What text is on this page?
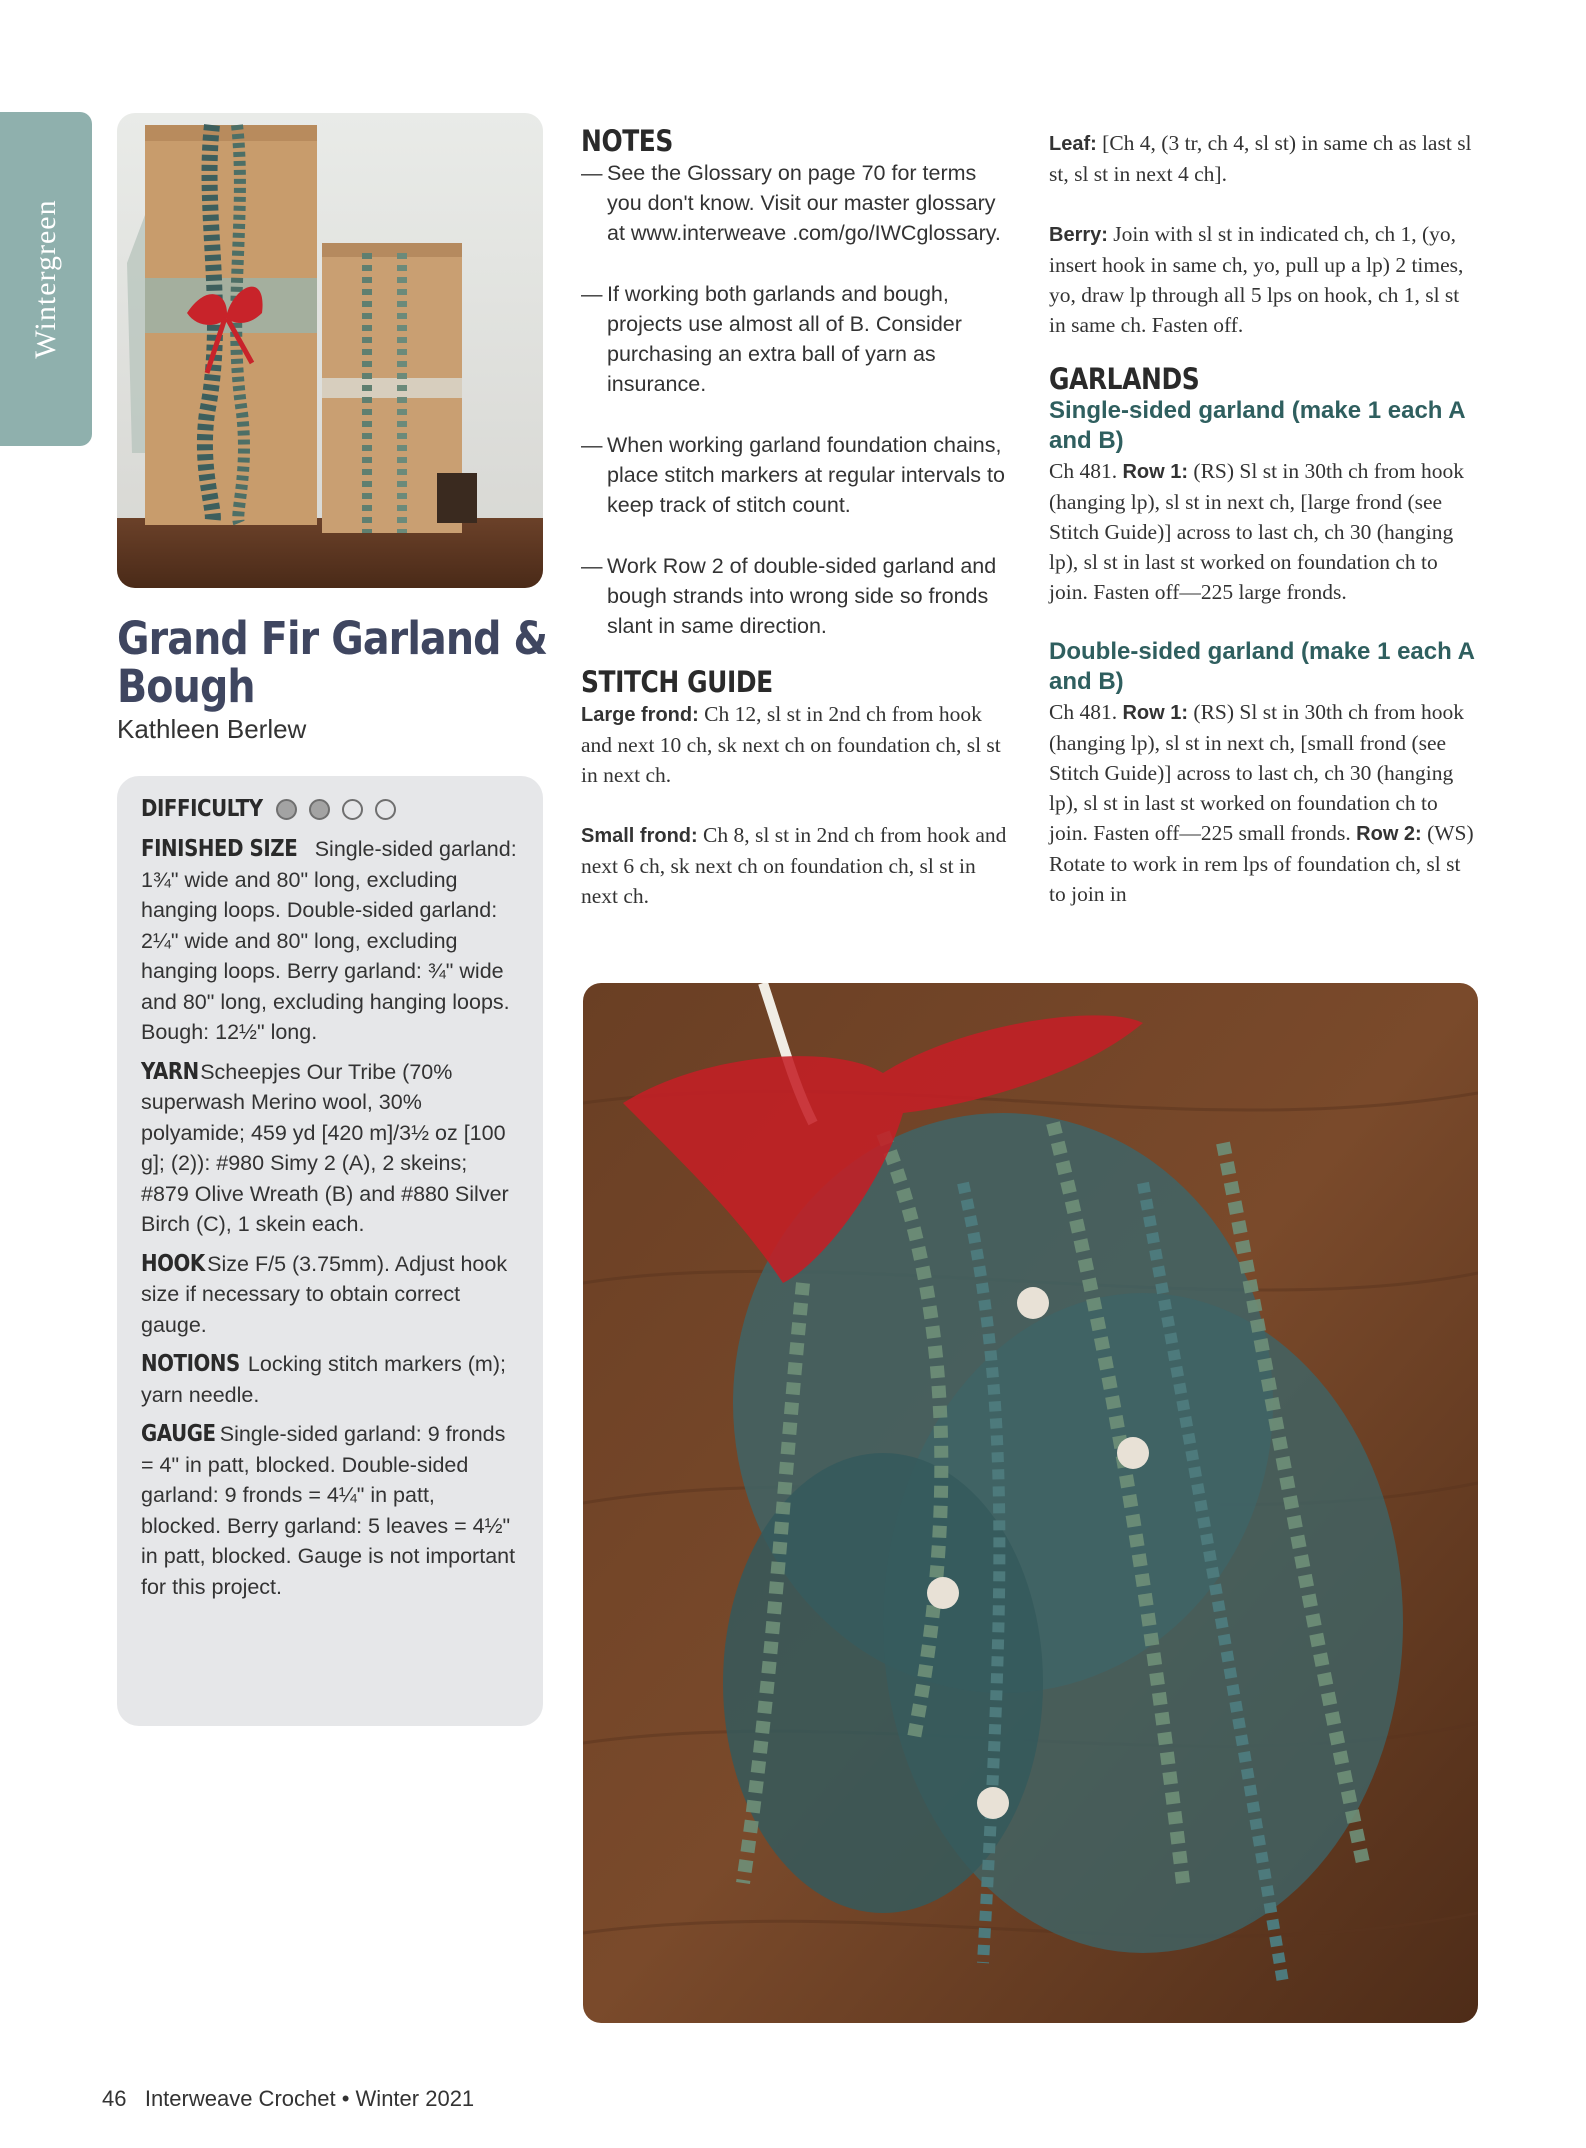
Wintergreen
Grand Fir Garland & Bough
Kathleen Berlew
DIFFICULTY

FINISHED SIZE Single-sided garland: 1¾" wide and 80" long, excluding hanging loops. Double-sided garland: 2¼" wide and 80" long, excluding hanging loops. Berry garland: ¾" wide and 80" long, excluding hanging loops. Bough: 12½" long.

YARN Scheepjes Our Tribe (70% superwash Merino wool, 30% polyamide; 459 yd [420 m]/3½ oz [100 g]; (2)): #980 Simy 2 (A), 2 skeins; #879 Olive Wreath (B) and #880 Silver Birch (C), 1 skein each.

HOOK Size F/5 (3.75mm). Adjust hook size if necessary to obtain correct gauge.

NOTIONS Locking stitch markers (m); yarn needle.

GAUGE Single-sided garland: 9 fronds = 4" in patt, blocked. Double-sided garland: 9 fronds = 4¼" in patt, blocked. Berry garland: 5 leaves = 4½" in patt, blocked. Gauge is not important for this project.

NOTES

— See the Glossary on page 70 for terms you don't know. Visit our master glossary at www.interweave .com/go/IWCglossary.

— If working both garlands and bough, projects use almost all of B. Consider purchasing an extra ball of yarn as insurance.

— When working garland foundation chains, place stitch markers at regular intervals to keep track of stitch count.

— Work Row 2 of double-sided garland and bough strands into wrong side so fronds slant in same direction.

STITCH GUIDE

Large frond: Ch 12, sl st in 2nd ch from hook and next 10 ch, sk next ch on foundation ch, sl st in next ch.

Small frond: Ch 8, sl st in 2nd ch from hook and next 6 ch, sk next ch on foundation ch, sl st in next ch.

Leaf: [Ch 4, (3 tr, ch 4, sl st) in same ch as last sl st, sl st in next 4 ch].

Berry: Join with sl st in indicated ch, ch 1, (yo, insert hook in same ch, yo, pull up a lp) 2 times, yo, draw lp through all 5 lps on hook, ch 1, sl st in same ch. Fasten off.

GARLANDS

Single-sided garland (make 1 each A and B)

Ch 481. Row 1: (RS) Sl st in 30th ch from hook (hanging lp), sl st in next ch, [large frond (see Stitch Guide)] across to last ch, ch 30 (hanging lp), sl st in last st worked on foundation ch to join. Fasten off—225 large fronds.

Double-sided garland (make 1 each A and B)

Ch 481. Row 1: (RS) Sl st in 30th ch from hook (hanging lp), sl st in next ch, [small frond (see Stitch Guide)] across to last ch, ch 30 (hanging lp), sl st in last st worked on foundation ch to join. Fasten off—225 small fronds. Row 2: (WS) Rotate to work in rem lps of foundation ch, sl st to join in

46 Interweave Crochet • Winter 2021
